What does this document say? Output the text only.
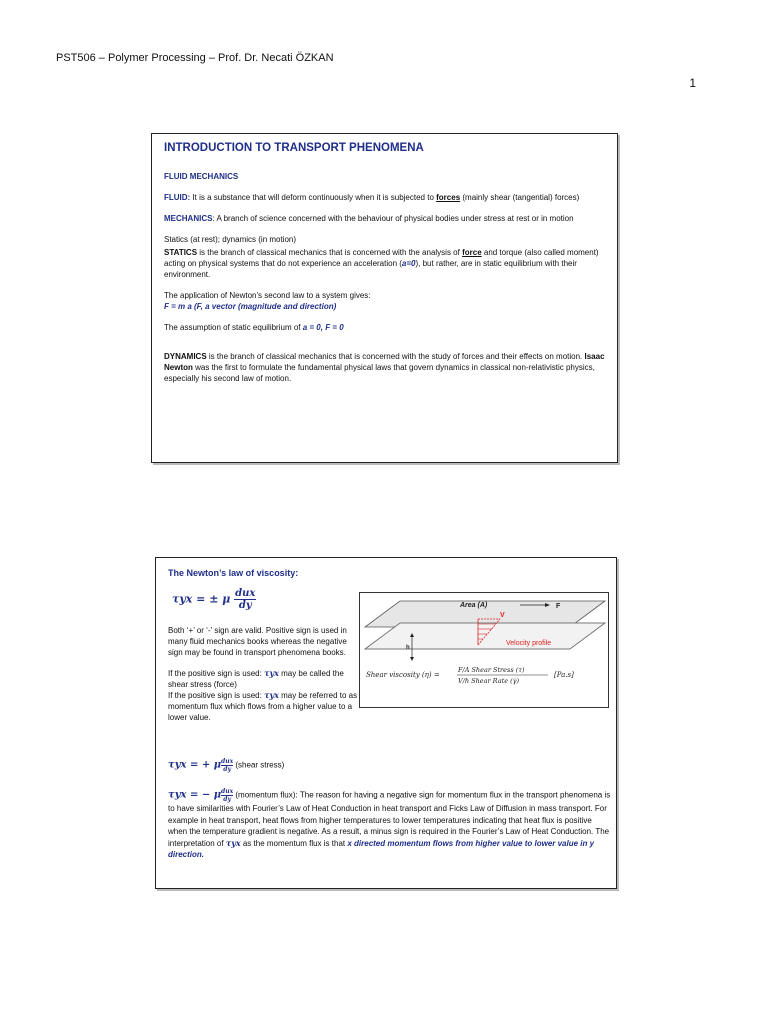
PST506 – Polymer Processing – Prof. Dr. Necati ÖZKAN
1
INTRODUCTION TO TRANSPORT PHENOMENA

FLUID MECHANICS

FLUID: It is a substance that will deform continuously when it is subjected to forces (mainly shear (tangential) forces)

MECHANICS: A branch of science concerned with the behaviour of physical bodies under stress at rest or in motion

Statics (at rest); dynamics (in motion)

STATICS is the branch of classical mechanics that is concerned with the analysis of force and torque (also called moment) acting on physical systems that do not experience an acceleration (a=0), but rather, are in static equilibrium with their environment.

The application of Newton's second law to a system gives:
F = m a (F, a vector (magnitude and direction)

The assumption of static equilibrium of a = 0, F = 0

DYNAMICS is the branch of classical mechanics that is concerned with the study of forces and their effects on motion. Isaac Newton was the first to formulate the fundamental physical laws that govern dynamics in classical non-relativistic physics, especially his second law of motion.

The Newton’s law of viscosity:
τyx = ± μ $\frac{\text{dux}}{dy}$

Both ‘+’ or ‘-’ sign are valid. Positive sign is used in many fluid mechanics books whereas the negative sign may be found in transport phenomena books.

If the positive sign is used: τyx may be called the shear stress (force)

If the positive sign is used: τyx may be referred to as momentum flux which flows from a higher value to a lower value.

Area (A)	F
V
h
Velocity profile
Shear viscosity (η) =
F/A Shear Stress (τ)
V/h Shear Rate (γ̇)
[Pa.s]
τyx = + μ $\frac{\text{dux}}{dy}$ (shear stress)
τyx = − μ $\frac{\text{dux}}{dy}$ (momentum flux): The reason for having a negative sign for momentum flux in the transport phenomena is to have similarities with Fourier’s Law of Heat Conduction in heat transport and Ficks Law of Diffusion in mass transport. For example in heat transport, heat flows from higher temperatures to lower temperatures indicating that heat flux is positive when the temperature gradient is negative. As a result, a minus sign is required in the Fourier’s Law of Heat Conduction. The interpretation of τyx as the momentum flux is that x directed momentum flows from higher value to lower value in y direction.
